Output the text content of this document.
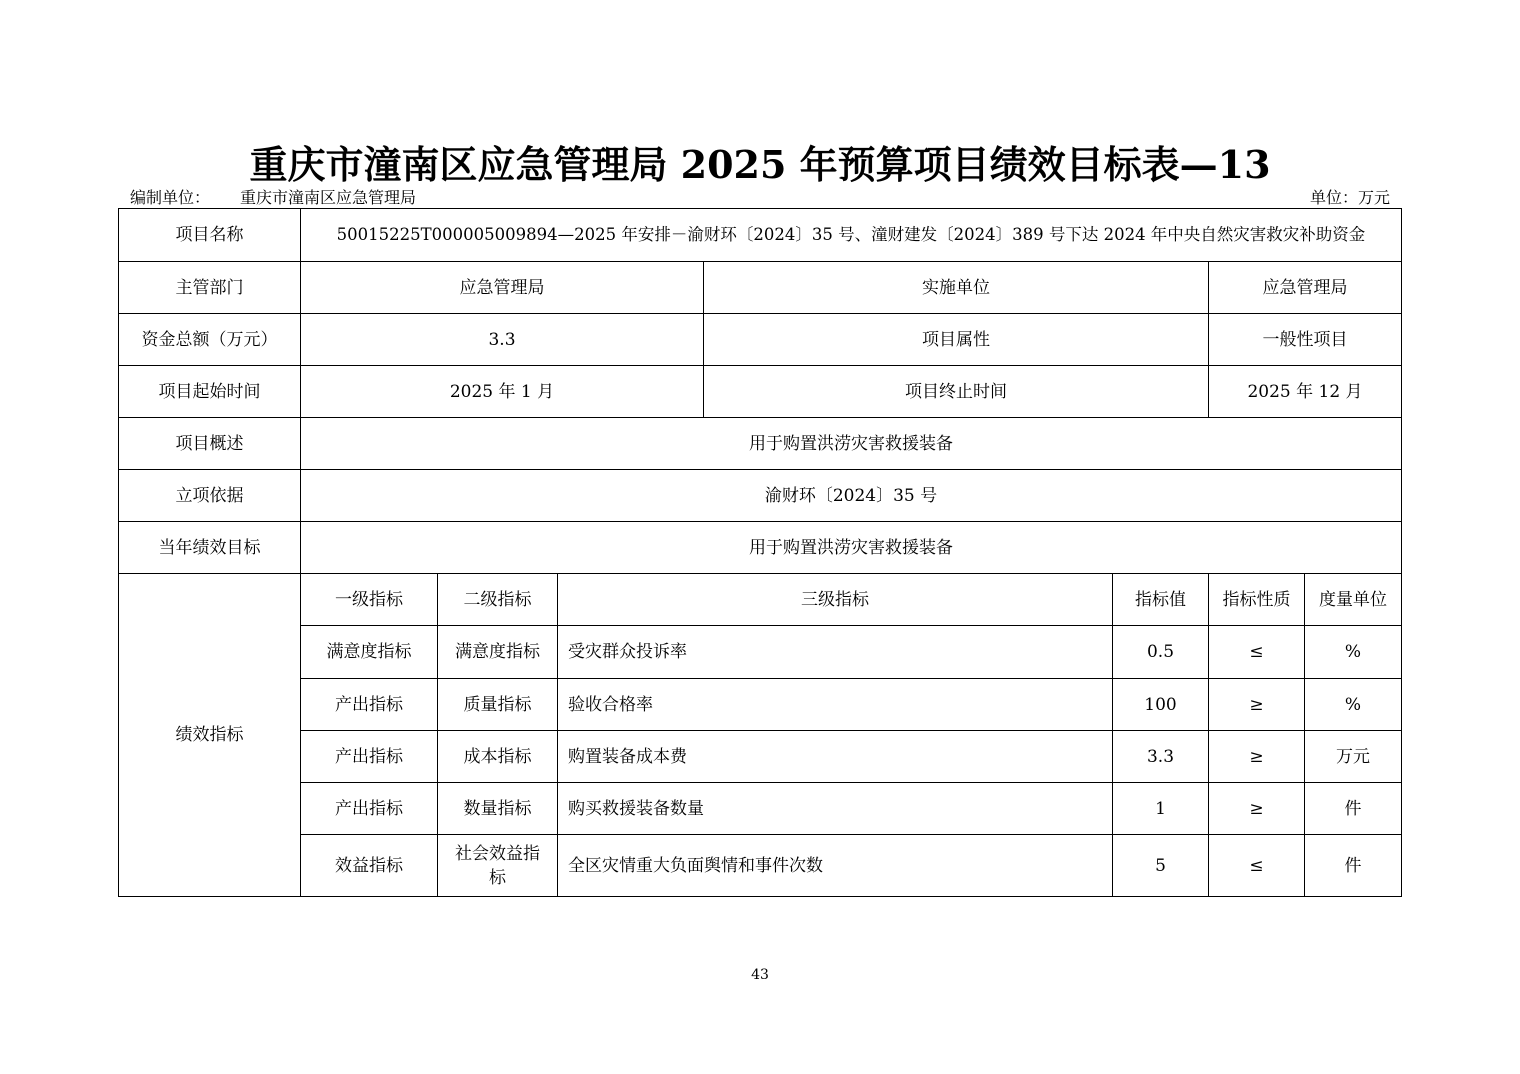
重庆市潼南区应急管理局 2025 年预算项目绩效目标表—13
编制单位： 重庆市潼南区应急管理局	单位：万元
项目名称	50015225T000005009894—2025 年安排－渝财环〔2024〕35 号、潼财建发〔2024〕389 号下达 2024 年中央自然灾害救灾补助资金						
主管部门	应急管理局			实施单位		应急管理局	
资金总额（万元）	3.3			项目属性		一般性项目	
项目起始时间	2025 年 1 月			项目终止时间		2025 年 12 月	
项目概述	用于购置洪涝灾害救援装备						
立项依据	渝财环〔2024〕35 号						
当年绩效目标	用于购置洪涝灾害救援装备						
绩效指标	一级指标	二级指标	三级指标		指标值	指标性质	度量单位
	满意度指标	满意度指标	受灾群众投诉率		0.5	≤	%
	产出指标	质量指标	验收合格率		100	≥	%
	产出指标	成本指标	购置装备成本费		3.3	≥	万元
	产出指标	数量指标	购买救援装备数量		1	≥	件
	效益指标	社会效益指标	全区灾情重大负面舆情和事件次数		5	≤	件
43
